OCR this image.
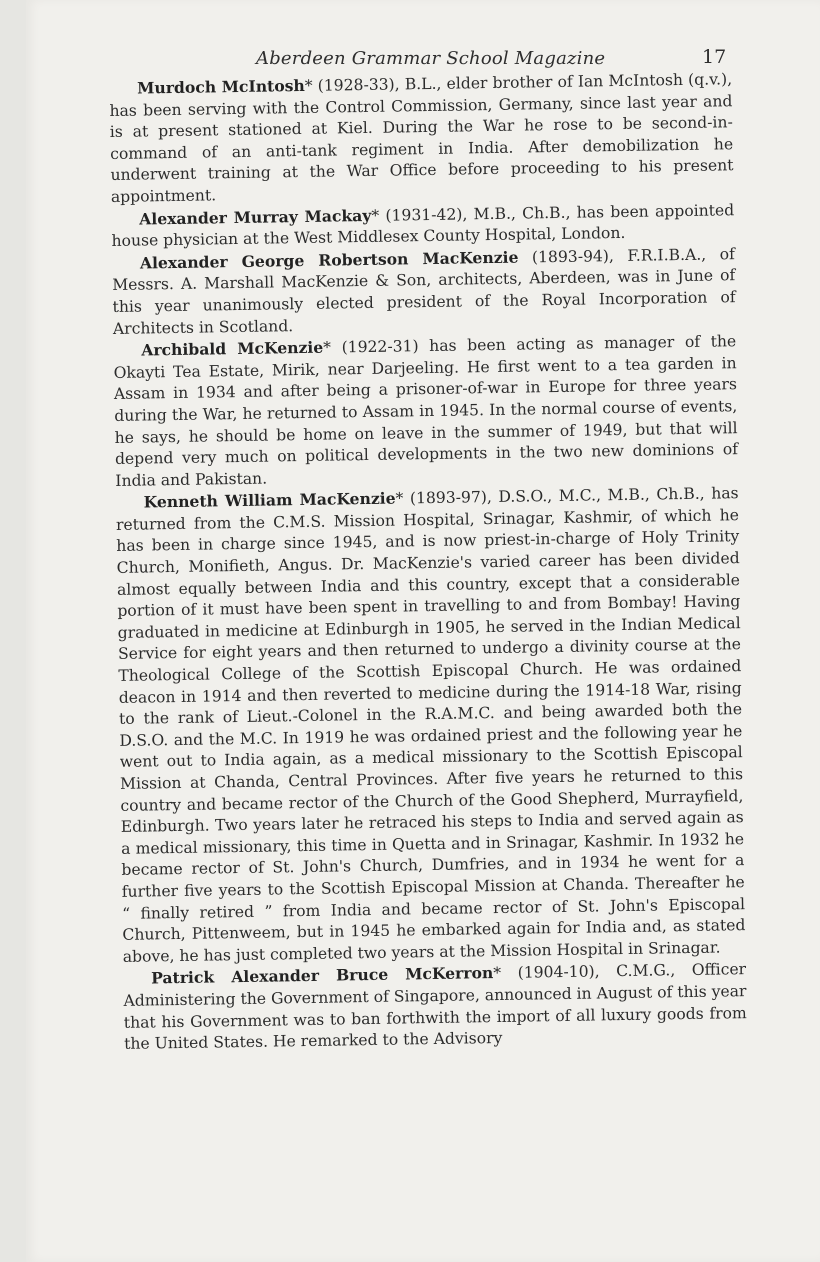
Aberdeen Grammar School Magazine	17

Murdoch McIntosh* (1928-33), B.L., elder brother of Ian McIntosh (q.v.), has been serving with the Control Commission, Germany, since last year and is at present stationed at Kiel. During the War he rose to be second-in-command of an anti-tank regiment in India. After demobilization he underwent training at the War Office before proceeding to his present appointment.

Alexander Murray Mackay* (1931-42), M.B., Ch.B., has been appointed house physician at the West Middlesex County Hospital, London.

Alexander George Robertson MacKenzie (1893-94), F.R.I.B.A., of Messrs. A. Marshall MacKenzie & Son, architects, Aberdeen, was in June of this year unanimously elected president of the Royal Incorporation of Architects in Scotland.

Archibald McKenzie* (1922-31) has been acting as manager of the Okayti Tea Estate, Mirik, near Darjeeling. He first went to a tea garden in Assam in 1934 and after being a prisoner-of-war in Europe for three years during the War, he returned to Assam in 1945. In the normal course of events, he says, he should be home on leave in the summer of 1949, but that will depend very much on political developments in the two new dominions of India and Pakistan.

Kenneth William MacKenzie* (1893-97), D.S.O., M.C., M.B., Ch.B., has returned from the C.M.S. Mission Hospital, Srinagar, Kashmir, of which he has been in charge since 1945, and is now priest-in-charge of Holy Trinity Church, Monifieth, Angus. Dr. MacKenzie's varied career has been divided almost equally between India and this country, except that a considerable portion of it must have been spent in travelling to and from Bombay! Having graduated in medicine at Edinburgh in 1905, he served in the Indian Medical Service for eight years and then returned to undergo a divinity course at the Theological College of the Scottish Episcopal Church. He was ordained deacon in 1914 and then reverted to medicine during the 1914-18 War, rising to the rank of Lieut.-Colonel in the R.A.M.C. and being awarded both the D.S.O. and the M.C. In 1919 he was ordained priest and the following year he went out to India again, as a medical missionary to the Scottish Episcopal Mission at Chanda, Central Provinces. After five years he returned to this country and became rector of the Church of the Good Shepherd, Murrayfield, Edinburgh. Two years later he retraced his steps to India and served again as a medical missionary, this time in Quetta and in Srinagar, Kashmir. In 1932 he became rector of St. John's Church, Dumfries, and in 1934 he went for a further five years to the Scottish Episcopal Mission at Chanda. Thereafter he “ finally retired ” from India and became rector of St. John's Episcopal Church, Pittenweem, but in 1945 he embarked again for India and, as stated above, he has just completed two years at the Mission Hospital in Srinagar.

Patrick Alexander Bruce McKerron* (1904-10), C.M.G., Officer Administering the Government of Singapore, announced in August of this year that his Government was to ban forthwith the import of all luxury goods from the United States. He remarked to the Advisory
